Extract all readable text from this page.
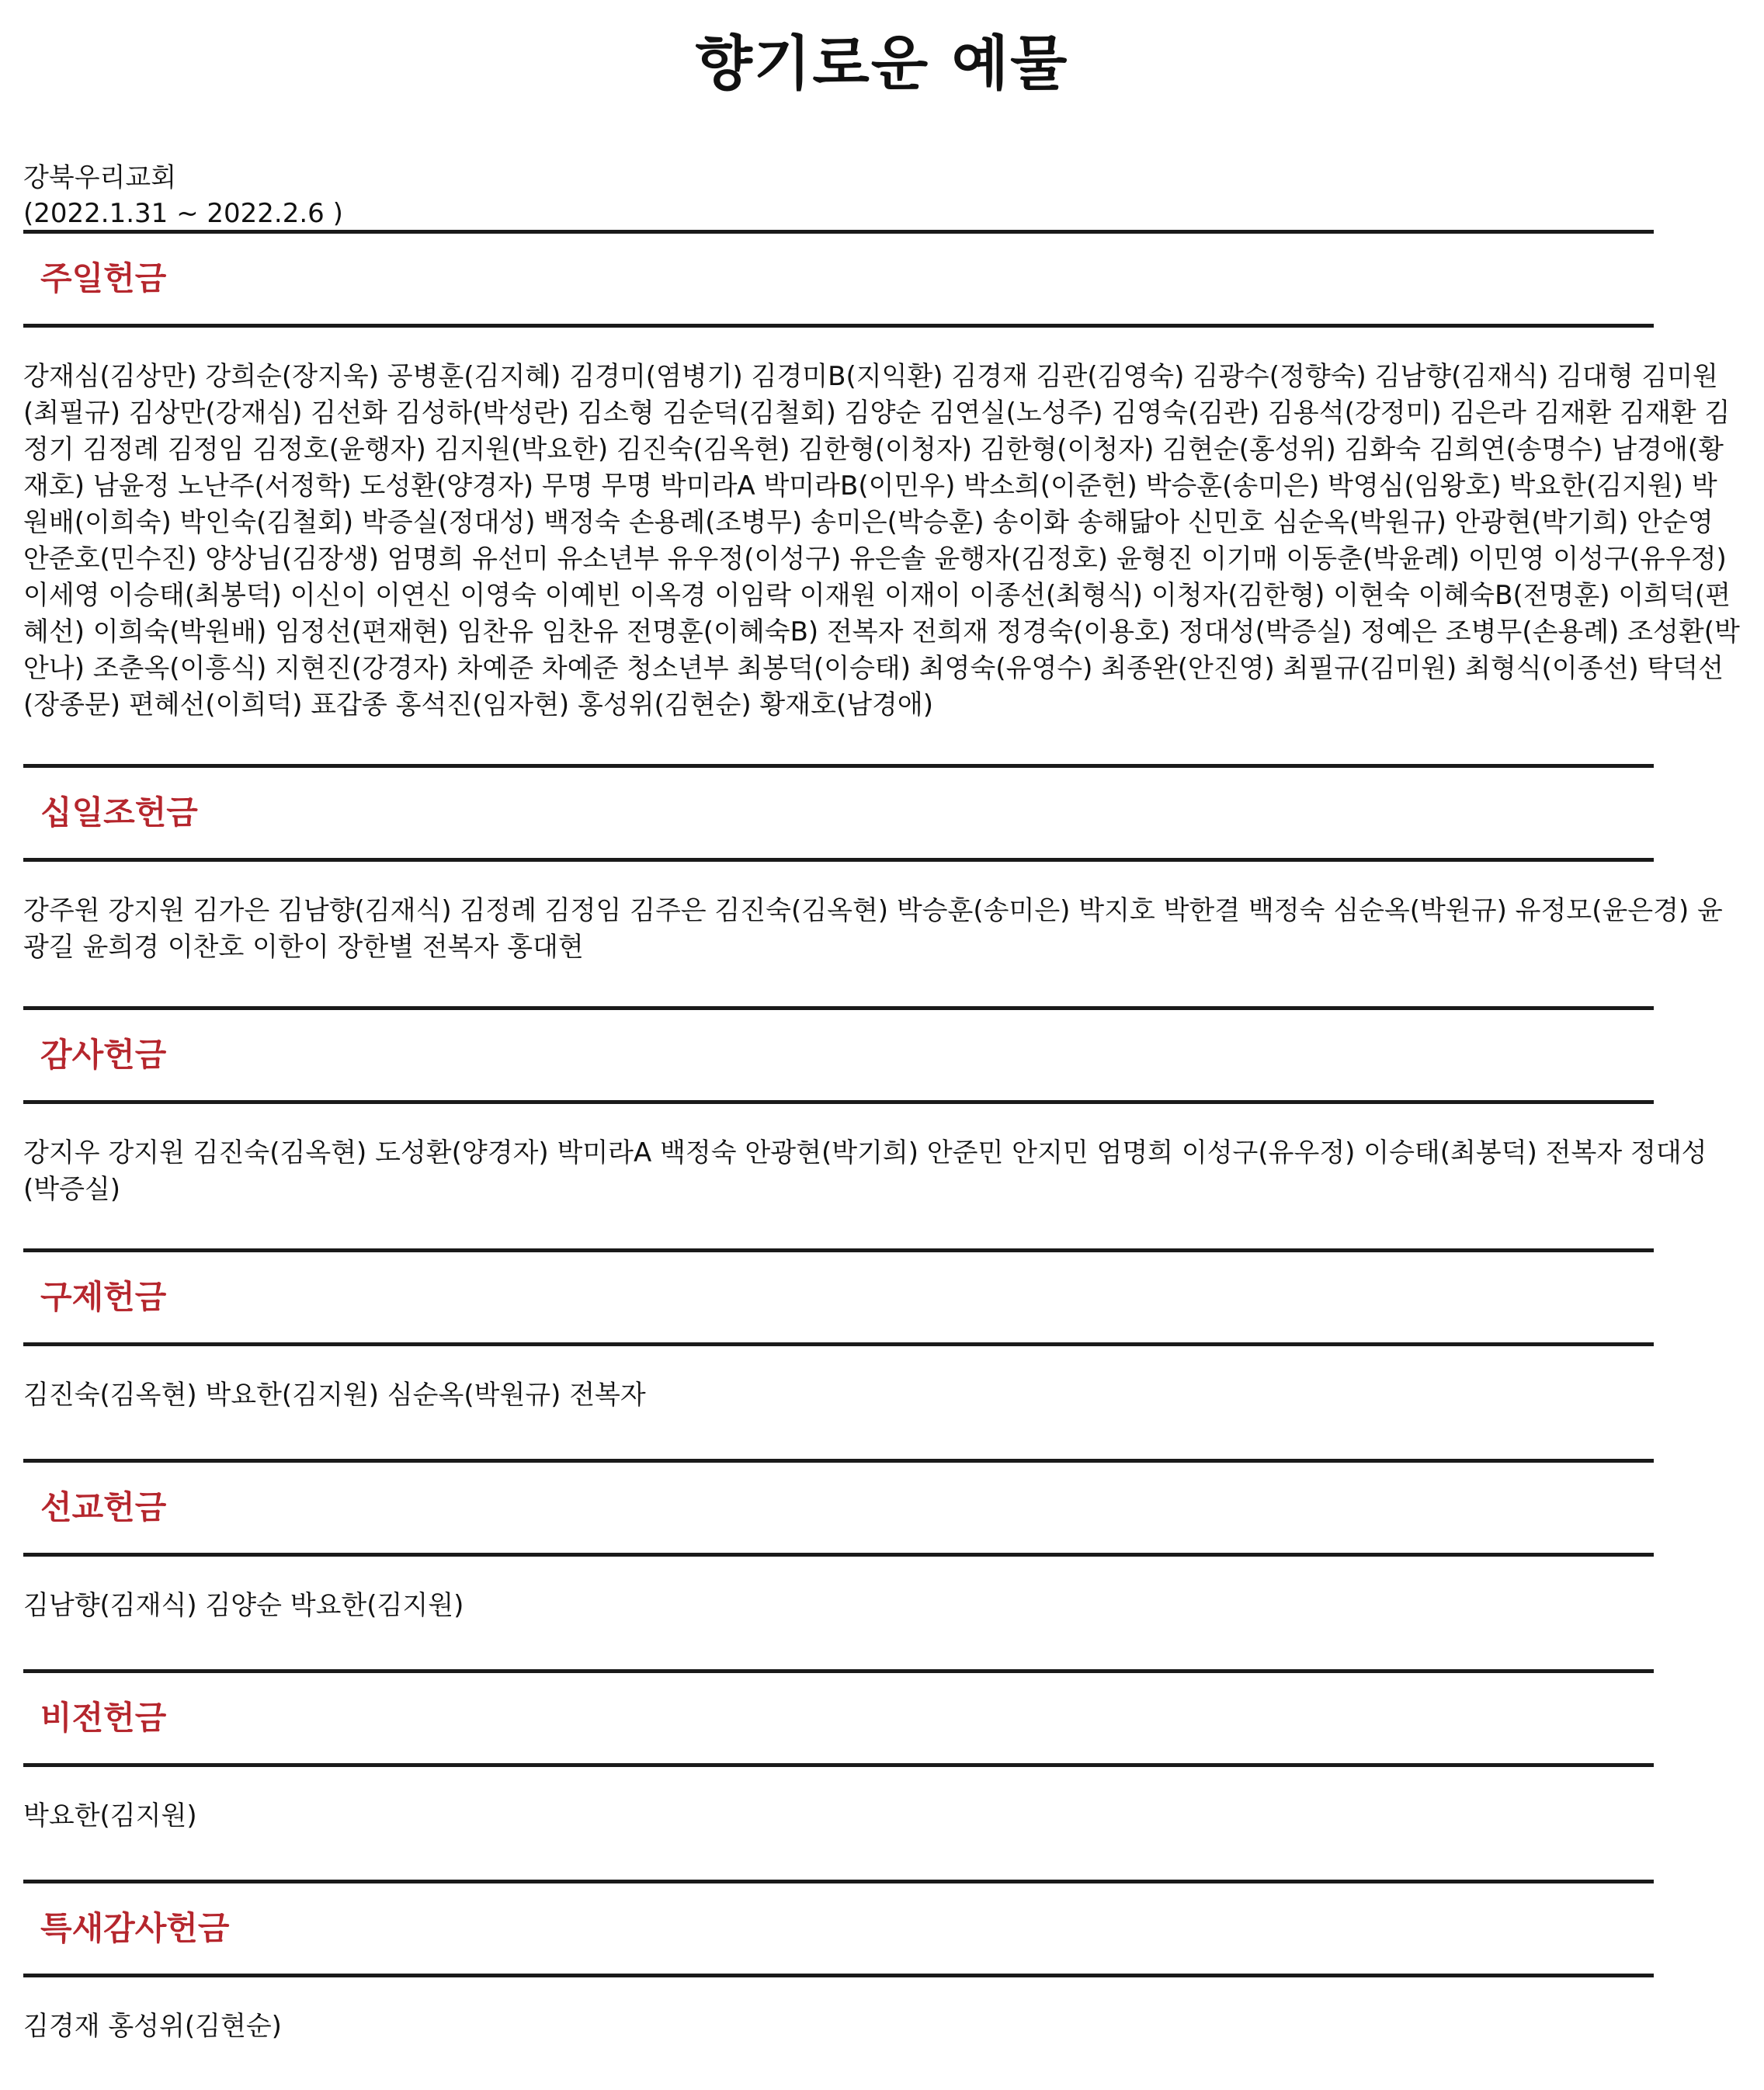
향기로운 예물
강북우리교회
(2022.1.31 ~ 2022.2.6 )
주일헌금
강재심(김상만) 강희순(장지욱) 공병훈(김지혜) 김경미(염병기) 김경미B(지익환) 김경재 김관(김영숙) 김광수(정향숙) 김남향(김재식) 김대형 김미원(최필규) 김상만(강재심) 김선화 김성하(박성란) 김소형 김순덕(김철회) 김양순 김연실(노성주) 김영숙(김관) 김용석(강정미) 김은라 김재환 김재환 김정기 김정례 김정임 김정호(윤행자) 김지원(박요한) 김진숙(김옥현) 김한형(이청자) 김한형(이청자) 김현순(홍성위) 김화숙 김희연(송명수) 남경애(황재호) 남윤정 노난주(서정학) 도성환(양경자) 무명 무명 박미라A 박미라B(이민우) 박소희(이준헌) 박승훈(송미은) 박영심(임왕호) 박요한(김지원) 박원배(이희숙) 박인숙(김철회) 박증실(정대성) 백정숙 손용례(조병무) 송미은(박승훈) 송이화 송해닮아 신민호 심순옥(박원규) 안광현(박기희) 안순영 안준호(민수진) 양상님(김장생) 엄명희 유선미 유소년부 유우정(이성구) 유은솔 윤행자(김정호) 윤형진 이기매 이동춘(박윤례) 이민영 이성구(유우정) 이세영 이승태(최봉덕) 이신이 이연신 이영숙 이예빈 이옥경 이임락 이재원 이재이 이종선(최형식) 이청자(김한형) 이현숙 이혜숙B(전명훈) 이희덕(편혜선) 이희숙(박원배) 임정선(편재현) 임찬유 임찬유 전명훈(이혜숙B) 전복자 전희재 정경숙(이용호) 정대성(박증실) 정예은 조병무(손용례) 조성환(박안나) 조춘옥(이흥식) 지현진(강경자) 차예준 차예준 청소년부 최봉덕(이승태) 최영숙(유영수) 최종완(안진영) 최필규(김미원) 최형식(이종선) 탁덕선(장종문) 편혜선(이희덕) 표갑종 홍석진(임자현) 홍성위(김현순) 황재호(남경애)
십일조헌금
강주원 강지원 김가은 김남향(김재식) 김정례 김정임 김주은 김진숙(김옥현) 박승훈(송미은) 박지호 박한결 백정숙 심순옥(박원규) 유정모(윤은경) 윤광길 윤희경 이찬호 이한이 장한별 전복자 홍대현
감사헌금
강지우 강지원 김진숙(김옥현) 도성환(양경자) 박미라A 백정숙 안광현(박기희) 안준민 안지민 엄명희 이성구(유우정) 이승태(최봉덕) 전복자 정대성(박증실)
구제헌금
김진숙(김옥현) 박요한(김지원) 심순옥(박원규) 전복자
선교헌금
김남향(김재식) 김양순 박요한(김지원)
비전헌금
박요한(김지원)
특새감사헌금
김경재 홍성위(김현순)
